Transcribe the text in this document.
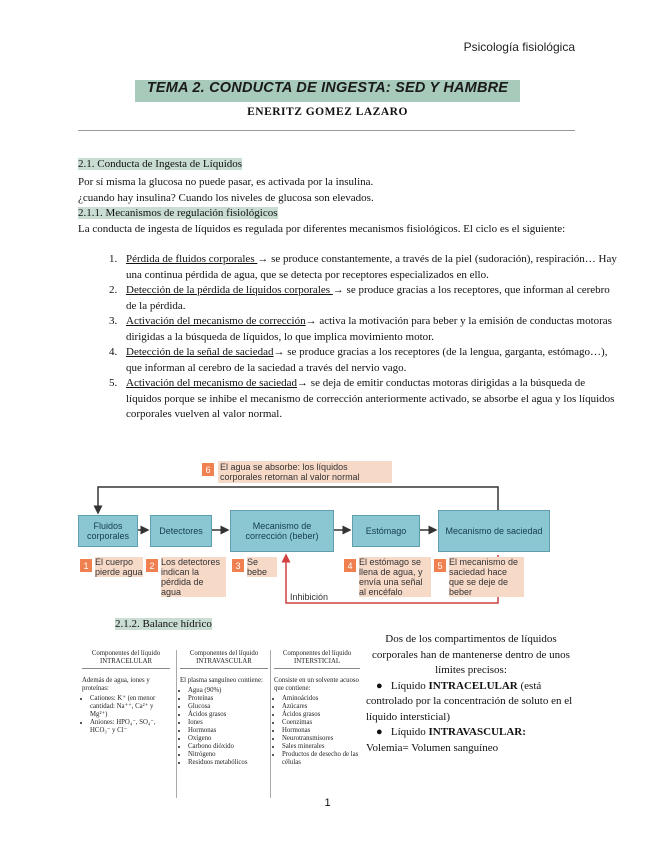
Psicología fisiológica
TEMA 2. CONDUCTA DE INGESTA: SED Y HAMBRE
ENERITZ GOMEZ LAZARO
2.1. Conducta de Ingesta de Líquidos
Por sí misma la glucosa no puede pasar, es activada por la insulina.
¿cuando hay insulina? Cuando los niveles de glucosa son elevados.
2.1.1. Mecanismos de regulación fisiológicos
La conducta de ingesta de líquidos es regulada por diferentes mecanismos fisiológicos. El ciclo es el siguiente:
1. Pérdida de fluidos corporales → se produce constantemente, a través de la piel (sudoración), respiración… Hay una continua pérdida de agua, que se detecta por receptores especializados en ello.
2. Detección de la pérdida de líquidos corporales → se produce gracias a los receptores, que informan al cerebro de la pérdida.
3. Activación del mecanismo de corrección→ activa la motivación para beber y la emisión de conductas motoras dirigidas a la búsqueda de líquidos, lo que implica movimiento motor.
4. Detección de la señal de saciedad→ se produce gracias a los receptores (de la lengua, garganta, estómago…), que informan al cerebro de la saciedad a través del nervio vago.
5. Activación del mecanismo de saciedad→ se deja de emitir conductas motoras dirigidas a la búsqueda de líquidos porque se inhibe el mecanismo de corrección anteriormente activado, se absorbe el agua y los líquidos corporales vuelven al valor normal.
6	El agua se absorbe: los líquidos corporales retornan al valor normal
Fluidos corporales	Detectores	Mecanismo de corrección (beber)	Estómago	Mecanismo de saciedad
1 El cuerpo pierde agua
2 Los detectores indican la pérdida de agua
3 Se bebe
4 El estómago se llena de agua, y envía una señal al encéfalo
5 El mecanismo de saciedad hace que se deje de beber
Inhibición
2.1.2. Balance hídrico
Componentes del líquido INTRACELULAR
Además de agua, iones y proteínas:
• Cationes: K⁺ (en menor cantidad: Na⁺⁺, Ca²⁺ y Mg²⁺)
• Aniones: HPO₄⁻, SO₄⁻, HCO₃⁻ y Cl⁻
Componentes del líquido INTRAVASCULAR
El plasma sanguíneo contiene:
• Agua (90%)
• Proteínas
• Glucosa
• Ácidos grasos
• Iones
• Hormonas
• Oxígeno
• Carbono dióxido
• Nitrógeno
• Residuos metabólicos
Componentes del líquido INTERSTICIAL
Consiste en un solvente acuoso que contiene:
• Aminoácidos
• Azúcares
• Ácidos grasos
• Coenzimas
• Hormonas
• Neurotransmisores
• Sales minerales
• Productos de desecho de las células
Dos de los compartimentos de líquidos corporales han de mantenerse dentro de unos límites precisos:
●   Líquido INTRACELULAR (está controlado por la concentración de soluto en el líquido intersticial)
●   Líquido INTRAVASCULAR:
Volemia= Volumen sanguíneo
1
